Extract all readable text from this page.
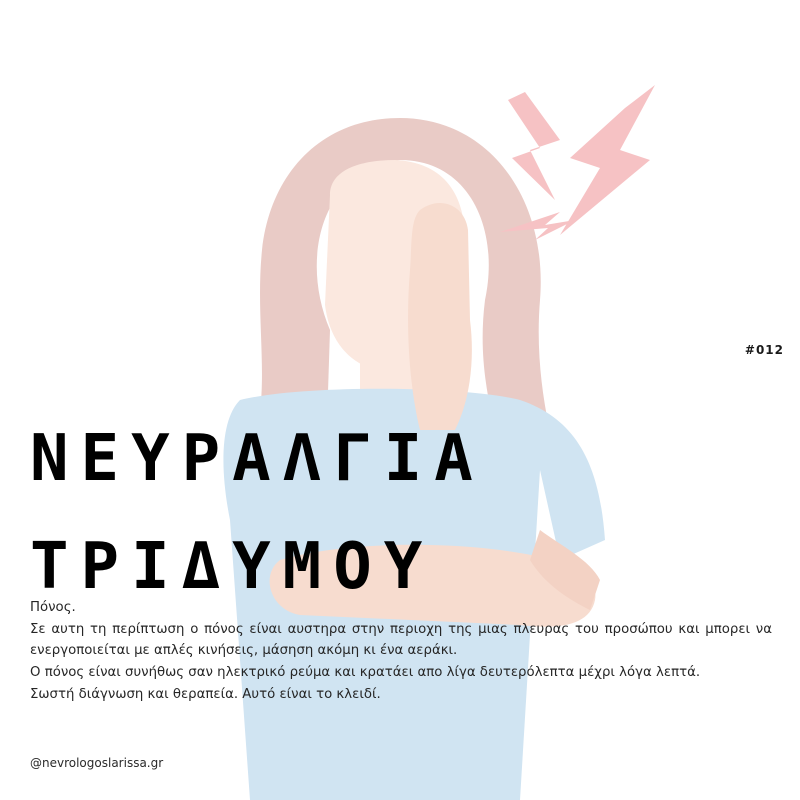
#012
ΝΕΥΡΑΛΓΙΑ
ΤΡΙΔΥΜΟΥ

Πόνος.

Σε αυτη τη περίπτωση ο πόνος είναι αυστηρα στην περιοχη της μιας πλευρας του προσώπου και μπορει να ενεργοποιείται με απλές κινήσεις, μάσηση ακόμη κι ένα αεράκι.

Ο πόνος είναι συνήθως σαν ηλεκτρικό ρεύμα και κρατάει απο λίγα δευτερόλεπτα μέχρι λόγα λεπτά.

Σωστή διάγνωση και θεραπεία. Αυτό είναι το κλειδί.

@nevrologoslarissa.gr
